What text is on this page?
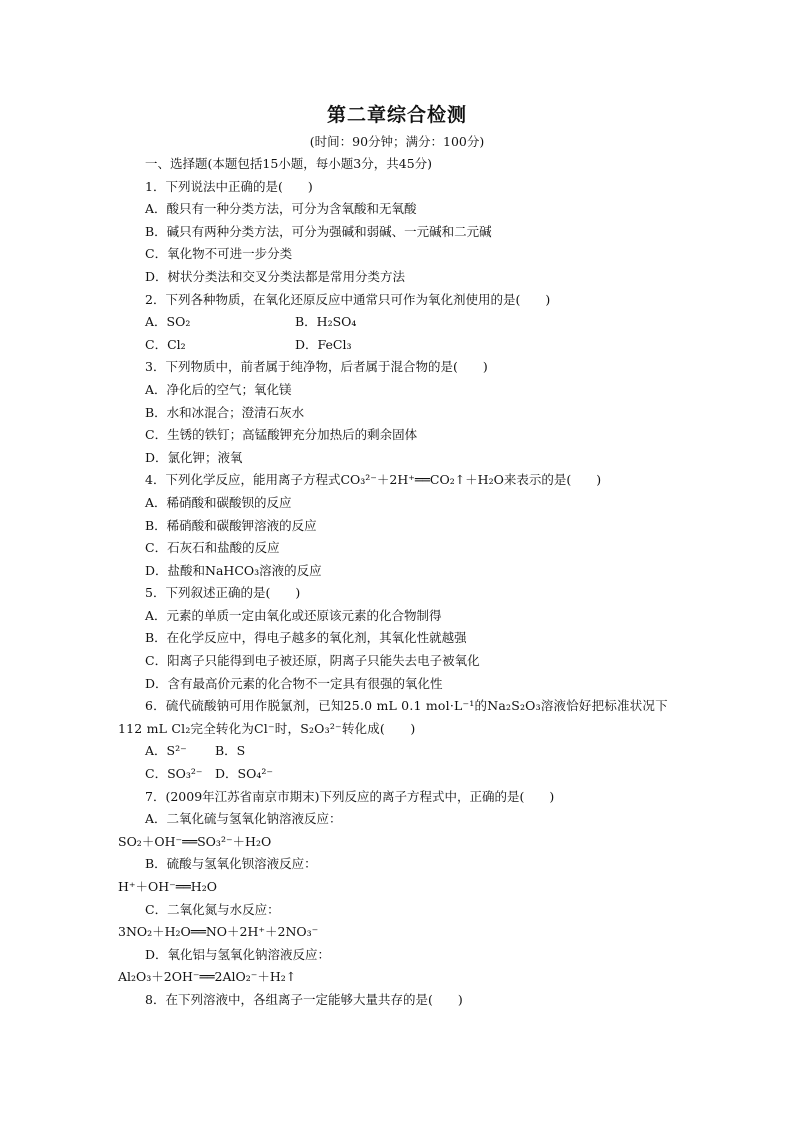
第二章综合检测
(时间：90分钟；满分：100分)
一、选择题(本题包括15小题，每小题3分，共45分)
1．下列说法中正确的是(　　)
A．酸只有一种分类方法，可分为含氧酸和无氧酸
B．碱只有两种分类方法，可分为强碱和弱碱、一元碱和二元碱
C．氧化物不可进一步分类
D．树状分类法和交叉分类法都是常用分类方法
2．下列各种物质，在氧化还原反应中通常只可作为氧化剂使用的是(　　)
A．SO₂	B．H₂SO₄
C．Cl₂	D．FeCl₃
3．下列物质中，前者属于纯净物，后者属于混合物的是(　　)
A．净化后的空气；氧化镁
B．水和冰混合；澄清石灰水
C．生锈的铁钉；高锰酸钾充分加热后的剩余固体
D．氯化钾；液氧
4．下列化学反应，能用离子方程式CO₃²⁻＋2H⁺══CO₂↑＋H₂O来表示的是(　　)
A．稀硝酸和碳酸钡的反应
B．稀硝酸和碳酸钾溶液的反应
C．石灰石和盐酸的反应
D．盐酸和NaHCO₃溶液的反应
5．下列叙述正确的是(　　)
A．元素的单质一定由氧化或还原该元素的化合物制得
B．在化学反应中，得电子越多的氧化剂，其氧化性就越强
C．阳离子只能得到电子被还原，阴离子只能失去电子被氧化
D．含有最高价元素的化合物不一定具有很强的氧化性
6．硫代硫酸钠可用作脱氯剂，已知25.0 mL 0.1 mol·L⁻¹的Na₂S₂O₃溶液恰好把标准状况下112 mL Cl₂完全转化为Cl⁻时，S₂O₃²⁻转化成(　　)
A．S²⁻ B．S
C．SO₃²⁻ D．SO₄²⁻
7．(2009年江苏省南京市期末)下列反应的离子方程式中，正确的是(　　)
A．二氧化硫与氢氧化钠溶液反应：
SO₂＋OH⁻══SO₃²⁻＋H₂O
B．硫酸与氢氧化钡溶液反应：
H⁺＋OH⁻══H₂O
C．二氧化氮与水反应：
3NO₂＋H₂O══NO＋2H⁺＋2NO₃⁻
D．氧化铝与氢氧化钠溶液反应：
Al₂O₃＋2OH⁻══2AlO₂⁻＋H₂↑
8．在下列溶液中，各组离子一定能够大量共存的是(　　)
